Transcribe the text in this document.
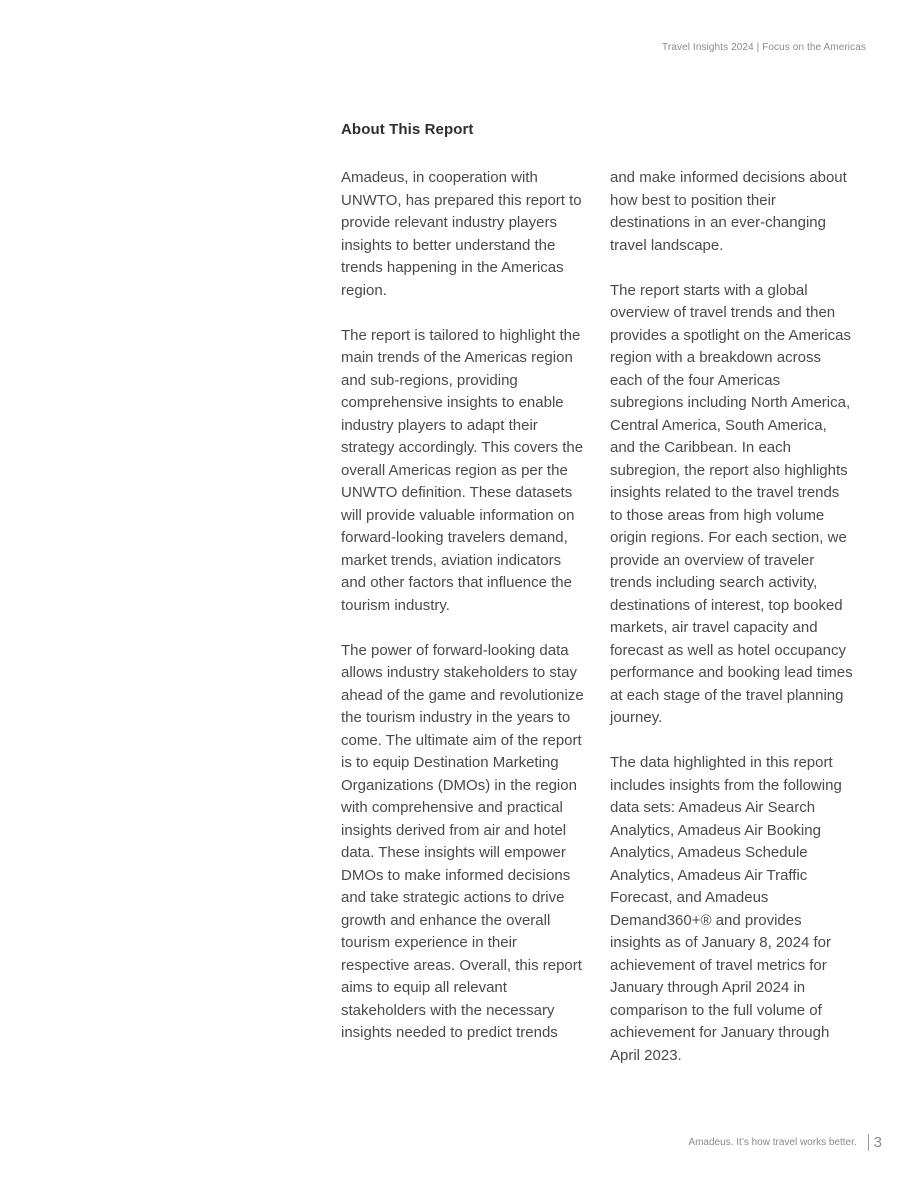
Travel Insights 2024 | Focus on the Americas
About This Report

Amadeus, in cooperation with UNWTO, has prepared this report to provide relevant industry players insights to better understand the trends happening in the Americas region.

The report is tailored to highlight the main trends of the Americas region and sub-regions, providing comprehensive insights to enable industry players to adapt their strategy accordingly. This covers the overall Americas region as per the UNWTO definition. These datasets will provide valuable information on forward-looking travelers demand, market trends, aviation indicators and other factors that influence the tourism industry.

The power of forward-looking data allows industry stakeholders to stay ahead of the game and revolutionize the tourism industry in the years to come. The ultimate aim of the report is to equip Destination Marketing Organizations (DMOs) in the region with comprehensive and practical insights derived from air and hotel data. These insights will empower DMOs to make informed decisions and take strategic actions to drive growth and enhance the overall tourism experience in their respective areas. Overall, this report aims to equip all relevant stakeholders with the necessary insights needed to predict trends

and make informed decisions about how best to position their destinations in an ever-changing travel landscape.

The report starts with a global overview of travel trends and then provides a spotlight on the Americas region with a breakdown across each of the four Americas subregions including North America, Central America, South America, and the Caribbean. In each subregion, the report also highlights insights related to the travel trends to those areas from high volume origin regions. For each section, we provide an overview of traveler trends including search activity, destinations of interest, top booked markets, air travel capacity and forecast as well as hotel occupancy performance and booking lead times at each stage of the travel planning journey.

The data highlighted in this report includes insights from the following data sets: Amadeus Air Search Analytics, Amadeus Air Booking Analytics, Amadeus Schedule Analytics, Amadeus Air Traffic Forecast, and Amadeus Demand360+® and provides insights as of January 8, 2024 for achievement of travel metrics for January through April 2024 in comparison to the full volume of achievement for January through April 2023.

Amadeus. It’s how travel works better. 3
